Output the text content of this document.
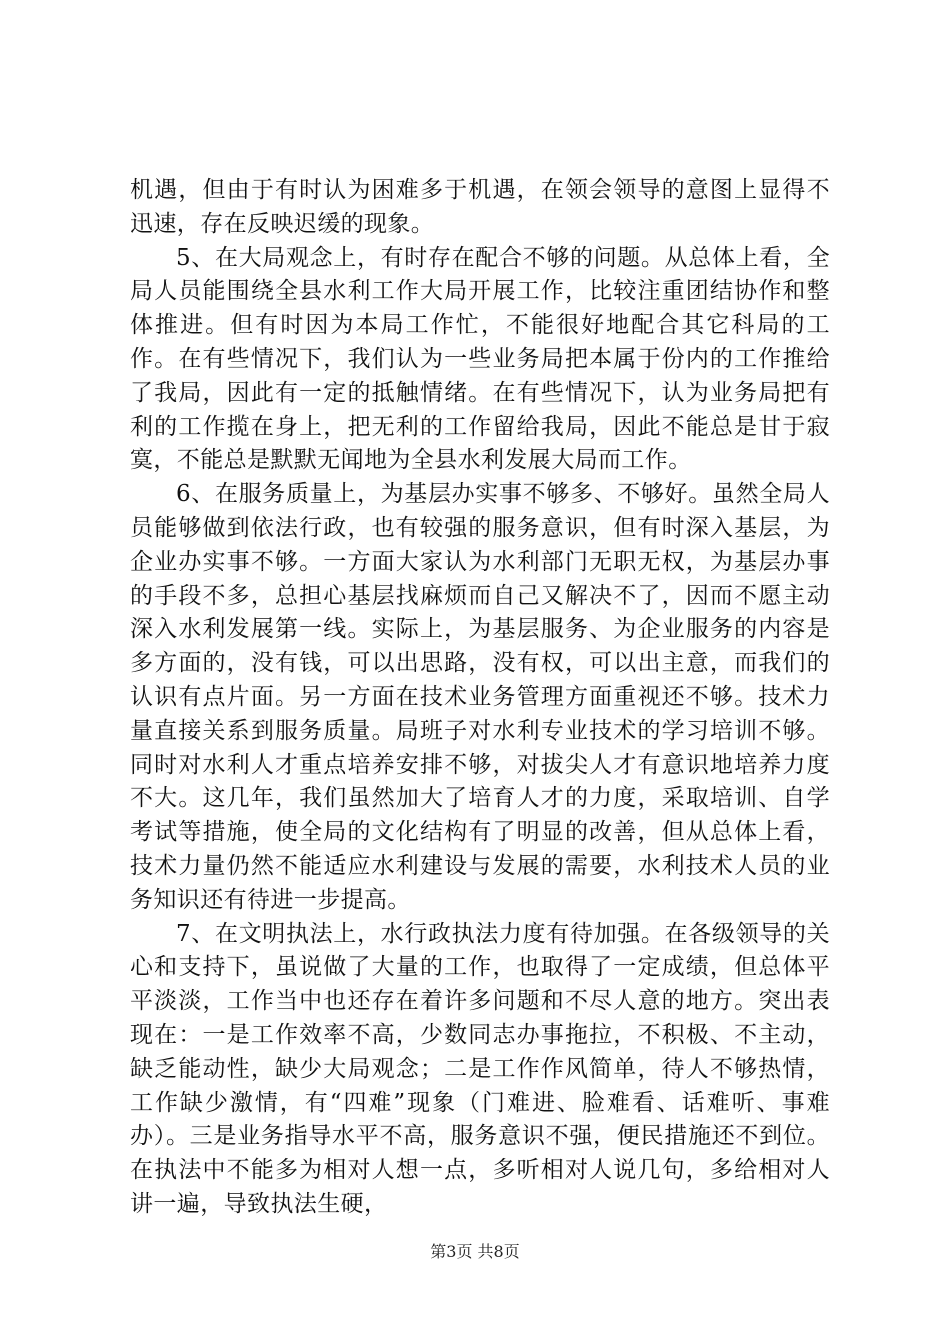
机遇，但由于有时认为困难多于机遇，在领会领导的意图上显得不迅速，存在反映迟缓的现象。

5、在大局观念上，有时存在配合不够的问题。从总体上看，全局人员能围绕全县水利工作大局开展工作，比较注重团结协作和整体推进。但有时因为本局工作忙，不能很好地配合其它科局的工作。在有些情况下，我们认为一些业务局把本属于份内的工作推给了我局，因此有一定的抵触情绪。在有些情况下，认为业务局把有利的工作揽在身上，把无利的工作留给我局，因此不能总是甘于寂寞，不能总是默默无闻地为全县水利发展大局而工作。

6、在服务质量上，为基层办实事不够多、不够好。虽然全局人员能够做到依法行政，也有较强的服务意识，但有时深入基层，为企业办实事不够。一方面大家认为水利部门无职无权，为基层办事的手段不多，总担心基层找麻烦而自己又解决不了，因而不愿主动深入水利发展第一线。实际上，为基层服务、为企业服务的内容是多方面的，没有钱，可以出思路，没有权，可以出主意，而我们的认识有点片面。另一方面在技术业务管理方面重视还不够。技术力量直接关系到服务质量。局班子对水利专业技术的学习培训不够。同时对水利人才重点培养安排不够，对拔尖人才有意识地培养力度不大。这几年，我们虽然加大了培育人才的力度，采取培训、自学考试等措施，使全局的文化结构有了明显的改善，但从总体上看，技术力量仍然不能适应水利建设与发展的需要，水利技术人员的业务知识还有待进一步提高。

7、在文明执法上，水行政执法力度有待加强。在各级领导的关心和支持下，虽说做了大量的工作，也取得了一定成绩，但总体平平淡淡，工作当中也还存在着许多问题和不尽人意的地方。突出表现在：一是工作效率不高，少数同志办事拖拉，不积极、不主动，缺乏能动性，缺少大局观念；二是工作作风简单，待人不够热情，工作缺少激情，有“四难”现象（门难进、脸难看、话难听、事难办）。三是业务指导水平不高，服务意识不强，便民措施还不到位。在执法中不能多为相对人想一点，多听相对人说几句，多给相对人讲一遍，导致执法生硬，

第3页 共8页
